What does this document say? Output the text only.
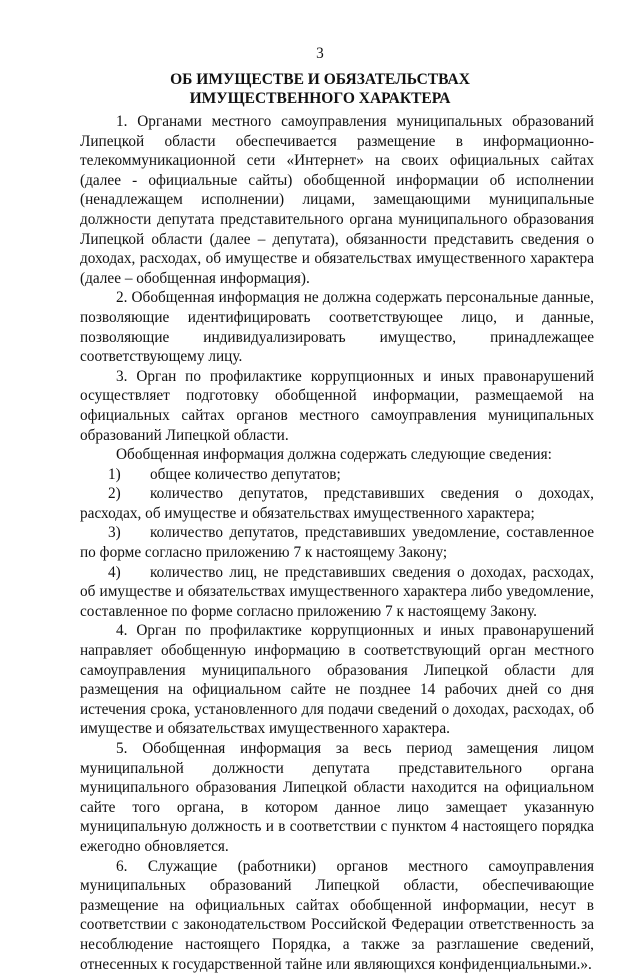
3
ОБ ИМУЩЕСТВЕ И ОБЯЗАТЕЛЬСТВАХ ИМУЩЕСТВЕННОГО ХАРАКТЕРА

1. Органами местного самоуправления муниципальных образований Липецкой области обеспечивается размещение в информационно-телекоммуникационной сети «Интернет» на своих официальных сайтах (далее - официальные сайты) обобщенной информации об исполнении (ненадлежащем исполнении) лицами, замещающими муниципальные должности депутата представительного органа муниципального образования Липецкой области (далее – депутата), обязанности представить сведения о доходах, расходах, об имуществе и обязательствах имущественного характера (далее – обобщенная информация).

2. Обобщенная информация не должна содержать персональные данные, позволяющие идентифицировать соответствующее лицо, и данные, позволяющие индивидуализировать имущество, принадлежащее соответствующему лицу.

3. Орган по профилактике коррупционных и иных правонарушений осуществляет подготовку обобщенной информации, размещаемой на официальных сайтах органов местного самоуправления муниципальных образований Липецкой области.

Обобщенная информация должна содержать следующие сведения:

1) общее количество депутатов;

2) количество депутатов, представивших сведения о доходах, расходах, об имуществе и обязательствах имущественного характера;

3) количество депутатов, представивших уведомление, составленное по форме согласно приложению 7 к настоящему Закону;

4) количество лиц, не представивших сведения о доходах, расходах, об имуществе и обязательствах имущественного характера либо уведомление, составленное по форме согласно приложению 7 к настоящему Закону.

4. Орган по профилактике коррупционных и иных правонарушений направляет обобщенную информацию в соответствующий орган местного самоуправления муниципального образования Липецкой области для размещения на официальном сайте не позднее 14 рабочих дней со дня истечения срока, установленного для подачи сведений о доходах, расходах, об имуществе и обязательствах имущественного характера.

5. Обобщенная информация за весь период замещения лицом муниципальной должности депутата представительного органа муниципального образования Липецкой области находится на официальном сайте того органа, в котором данное лицо замещает указанную муниципальную должность и в соответствии с пунктом 4 настоящего порядка ежегодно обновляется.

6. Служащие (работники) органов местного самоуправления муниципальных образований Липецкой области, обеспечивающие размещение на официальных сайтах обобщенной информации, несут в соответствии с законодательством Российской Федерации ответственность за несоблюдение настоящего Порядка, а также за разглашение сведений, отнесенных к государственной тайне или являющихся конфиденциальными.».
